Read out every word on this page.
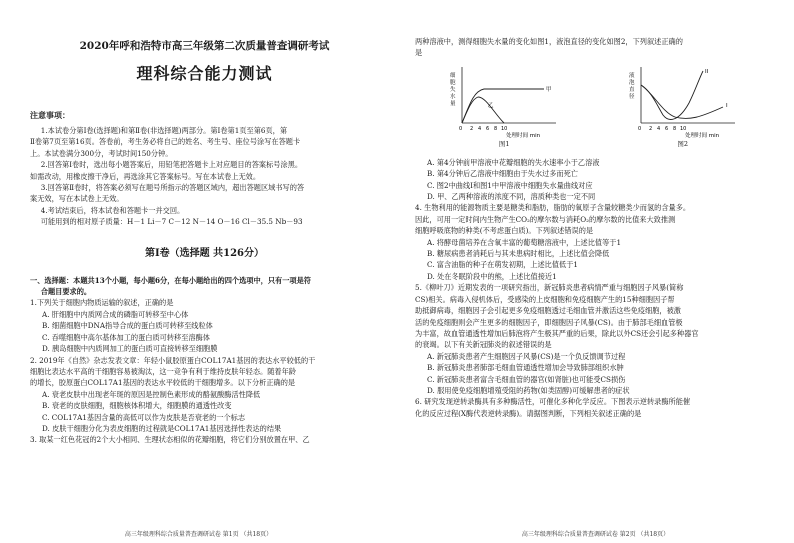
2020年呼和浩特市高三年级第二次质量普查调研考试

理科综合能力测试

注意事项：

1.本试卷分第Ⅰ卷(选择题)和第Ⅱ卷(非选择题)两部分。第Ⅰ卷第1页至第6页，第

Ⅱ卷第7页至第16页。答卷前，考生务必将自己的姓名、考生号、座位号涂写在答题卡

上。本试卷满分300分，考试时间150分钟。

2.回答第Ⅰ卷时，选出每小题答案后，用铅笔把答题卡上对应题目的答案标号涂黑。

如需改动，用橡皮擦干净后，再选涂其它答案标号。写在本试卷上无效。

3.回答第Ⅱ卷时，将答案必须写在题号所指示的答题区域内，超出答题区域书写的答

案无效，写在本试卷上无效。

4.考试结束后，将本试卷和答题卡一并交回。

可能用到的相对原子质量：H－1 Li－7 C－12 N－14 O－16 Cl－35.5 Nb－93

第Ⅰ卷（选择题 共126分）

一、选择题：本题共13个小题，每小题6分，在每小题给出的四个选项中，只有一项是符

合题目要求的。

1.下列关于细胞内物质运输的叙述，正确的是

A. 肝细胞中内质网合成的磷脂可转移至中心体

B. 细菌细胞中DNA指导合成的蛋白质可转移至线粒体

C. 吞噬细胞中高尔基体加工的蛋白质可转移至溶酶体

D. 胰岛细胞中内质网加工的蛋白质可直接转移至细胞膜

2. 2019年《自然》杂志发表文章：年轻小鼠胶原蛋白COL17A1基因的表达水平较低的干

细胞比表达水平高的干细胞容易被淘汰，这一竞争有利于维持皮肤年轻态。随着年龄

的增长，胶原蛋白COL17A1基因的表达水平较低的干细胞增多。以下分析正确的是

A. 衰老皮肤中出现老年斑的原因是控制色素形成的酪氨酸酶活性降低

B. 衰老的皮肤细胞，细胞核体积增大，细胞膜的通透性改变

C. COL17A1基因含量的高低可以作为皮肤是否衰老的一个标志

D. 皮肤干细胞分化为表皮细胞的过程就是COL17A1基因选择性表达的结果

3. 取某一红色花冠的2个大小相同、生理状态相似的花瓣细胞，将它们分别放置在甲、乙

高三年级理科综合质量普查调研试卷 第1页 （共18页）

两种溶液中，测得细胞失水量的变化如图1，液泡直径的变化如图2，下列叙述正确的

是

细
胞
失
水
量
甲
乙
0 2 4 6 8 10
处理时间 min
图1
液
泡
直
径
I
II
0 2 4 6 8 10
处理时间 min
图2

A. 第4分钟前甲溶液中花瓣细胞的失水速率小于乙溶液

B. 第4分钟后乙溶液中细胞由于失水过多而死亡

C. 图2中曲线Ⅰ和图1中甲溶液中细胞失水量曲线对应

D. 甲、乙两种溶液的浓度不同，溶质种类也一定不同

4. 生物利用的能源物质主要是糖类和脂肪，脂肪的氧原子含量较糖类少而氢的含量多。

因此，可用一定时间内生物产生CO₂的摩尔数与消耗O₂的摩尔数的比值来大致推测

细胞呼吸底物的种类(不考虑蛋白质)。下列叙述错误的是

A. 将酵母菌培养在含氧丰富的葡萄糖溶液中，上述比值等于1

B. 糖尿病患者消耗后与其未患病时相比，上述比值会降低

C. 富含油脂的种子在萌发初期，上述比值低于1

D. 处在冬眠阶段中的熊，上述比值接近1

5.《柳叶刀》近期发表的一项研究指出，新冠肺炎患者病情严重与细胞因子风暴(简称

CS)相关。病毒入侵机体后，受感染的上皮细胞和免疫细胞产生的15种细胞因子帮

助抵御病毒，细胞因子会引起更多免疫细胞透过毛细血管并激活这些免疫细胞，被激

活的免疫细胞则会产生更多的细胞因子，即细胞因子风暴(CS)。由于肺部毛细血管极

为丰富，故血管通透性增加后肺泡将产生极其严重的后果，除此以外CS还会引起多种器官

的衰竭。以下有关新冠肺炎的叙述错误的是

A. 新冠肺炎患者产生细胞因子风暴(CS)是一个负反馈调节过程

B. 新冠肺炎患者肺部毛细血管通透性增加会导致肺部组织水肿

C. 新冠肺炎患者富含毛细血管的器官(如肾脏)也可能受CS损伤

D. 服用使免疫细胞增殖受阻的药物(如类固醇)可缓解患者的症状

6. 研究发现逆转录酶具有多种酶活性，可催化多种化学反应。下图表示逆转录酶所能催

化的反应过程(X酶代表逆转录酶)。请据图判断，下列相关叙述正确的是

高三年级理科综合质量普查调研试卷 第2页 （共18页）
